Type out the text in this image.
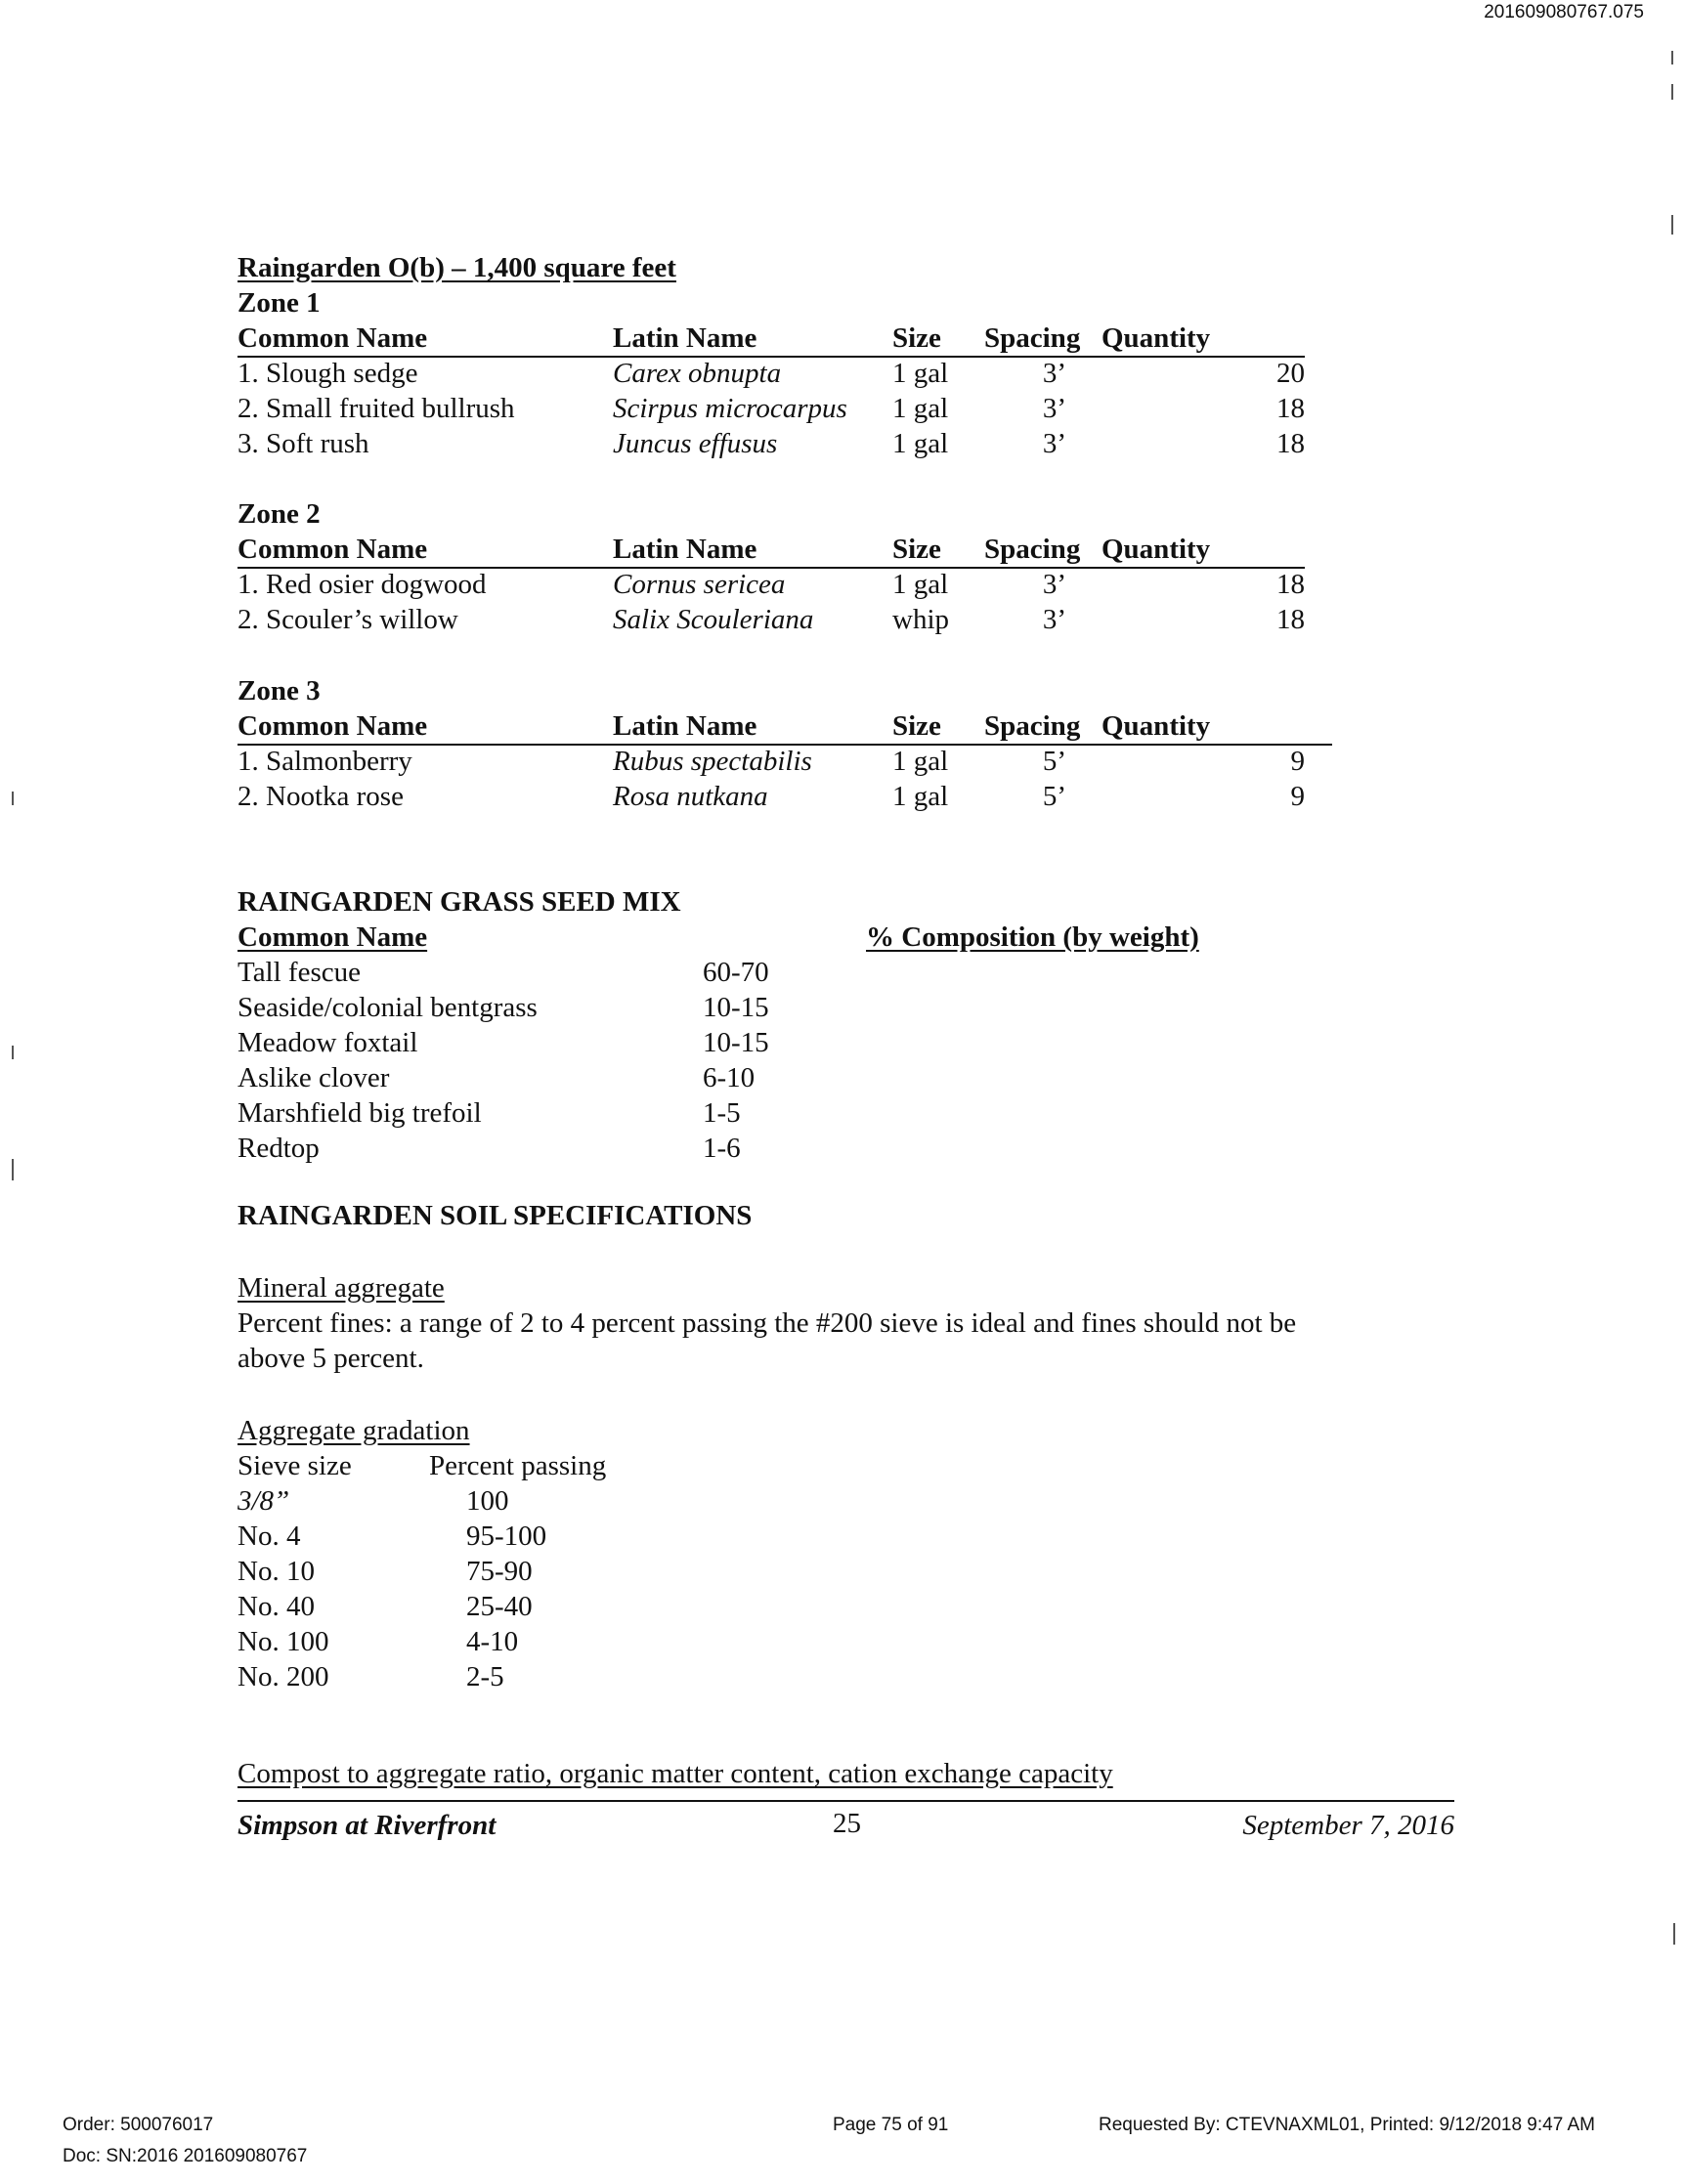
201609080767.075
Raingarden O(b) – 1,400 square feet
Zone 1
Common Name	Latin Name	Size	Spacing	Quantity
1. Slough sedge	Carex obnupta	1 gal	3’	20
2. Small fruited bullrush	Scirpus microcarpus	1 gal	3’	18
3. Soft rush	Juncus effusus	1 gal	3’	18
Zone 2
Common Name	Latin Name	Size	Spacing	Quantity
1. Red osier dogwood	Cornus sericea	1 gal	3’	18
2. Scouler’s willow	Salix Scouleriana	whip	3’	18
Zone 3
Common Name	Latin Name	Size	Spacing	Quantity
1. Salmonberry	Rubus spectabilis	1 gal	5’	9
2. Nootka rose	Rosa nutkana	1 gal	5’	9
RAINGARDEN GRASS SEED MIX
Common Name	% Composition (by weight)
Tall fescue	60-70
Seaside/colonial bentgrass	10-15
Meadow foxtail	10-15
Aslike clover	6-10
Marshfield big trefoil	1-5
Redtop	1-6
RAINGARDEN SOIL SPECIFICATIONS
Mineral aggregate
Percent fines: a range of 2 to 4 percent passing the #200 sieve is ideal and fines should not be
above 5 percent.
Aggregate gradation
Sieve size	Percent passing
3/8”	100
No. 4	95-100
No. 10	75-90
No. 40	25-40
No. 100	4-10
No. 200	2-5
Compost to aggregate ratio, organic matter content, cation exchange capacity
Simpson at Riverfront	25	September 7, 2016
Order: 500076017
Doc: SN:2016 201609080767
Page 75 of 91	Requested By: CTEVNAXML01, Printed: 9/12/2018 9:47 AM
